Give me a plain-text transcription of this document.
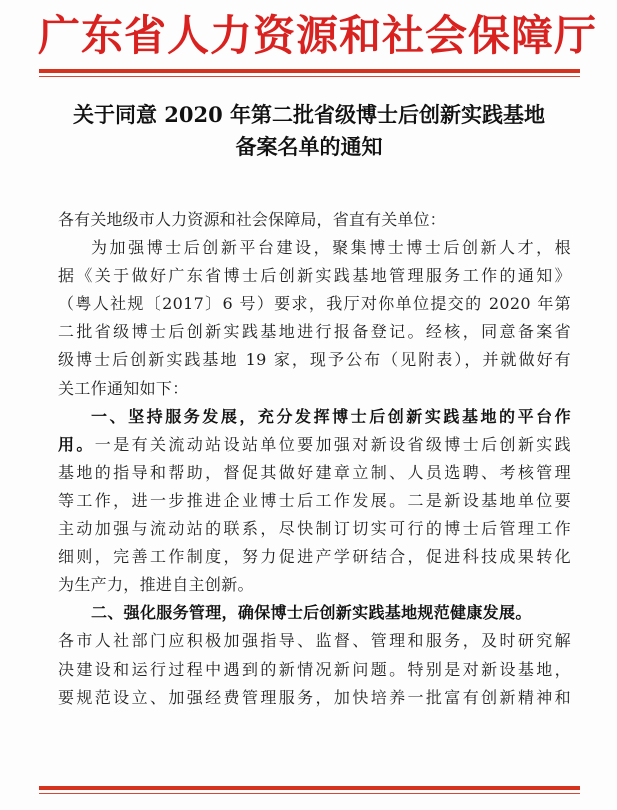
广东省人力资源和社会保障厅
关于同意 2020 年第二批省级博士后创新实践基地
备案名单的通知

各有关地级市人力资源和社会保障局，省直有关单位：

为加强博士后创新平台建设，聚集博士博士后创新人才，根
据《关于做好广东省博士后创新实践基地管理服务工作的通知》
（粤人社规〔2017〕6 号）要求，我厅对你单位提交的 2020 年第
二批省级博士后创新实践基地进行报备登记。经核，同意备案省
级博士后创新实践基地 19 家，现予公布（见附表），并就做好有
关工作通知如下：

一、坚持服务发展，充分发挥博士后创新实践基地的平台作
用。一是有关流动站设站单位要加强对新设省级博士后创新实践
基地的指导和帮助，督促其做好建章立制、人员选聘、考核管理
等工作，进一步推进企业博士后工作发展。二是新设基地单位要
主动加强与流动站的联系，尽快制订切实可行的博士后管理工作
细则，完善工作制度，努力促进产学研结合，促进科技成果转化
为生产力，推进自主创新。

二、强化服务管理，确保博士后创新实践基地规范健康发展。
各市人社部门应积极加强指导、监督、管理和服务，及时研究解
决建设和运行过程中遇到的新情况新问题。特别是对新设基地，
要规范设立、加强经费管理服务，加快培养一批富有创新精神和
